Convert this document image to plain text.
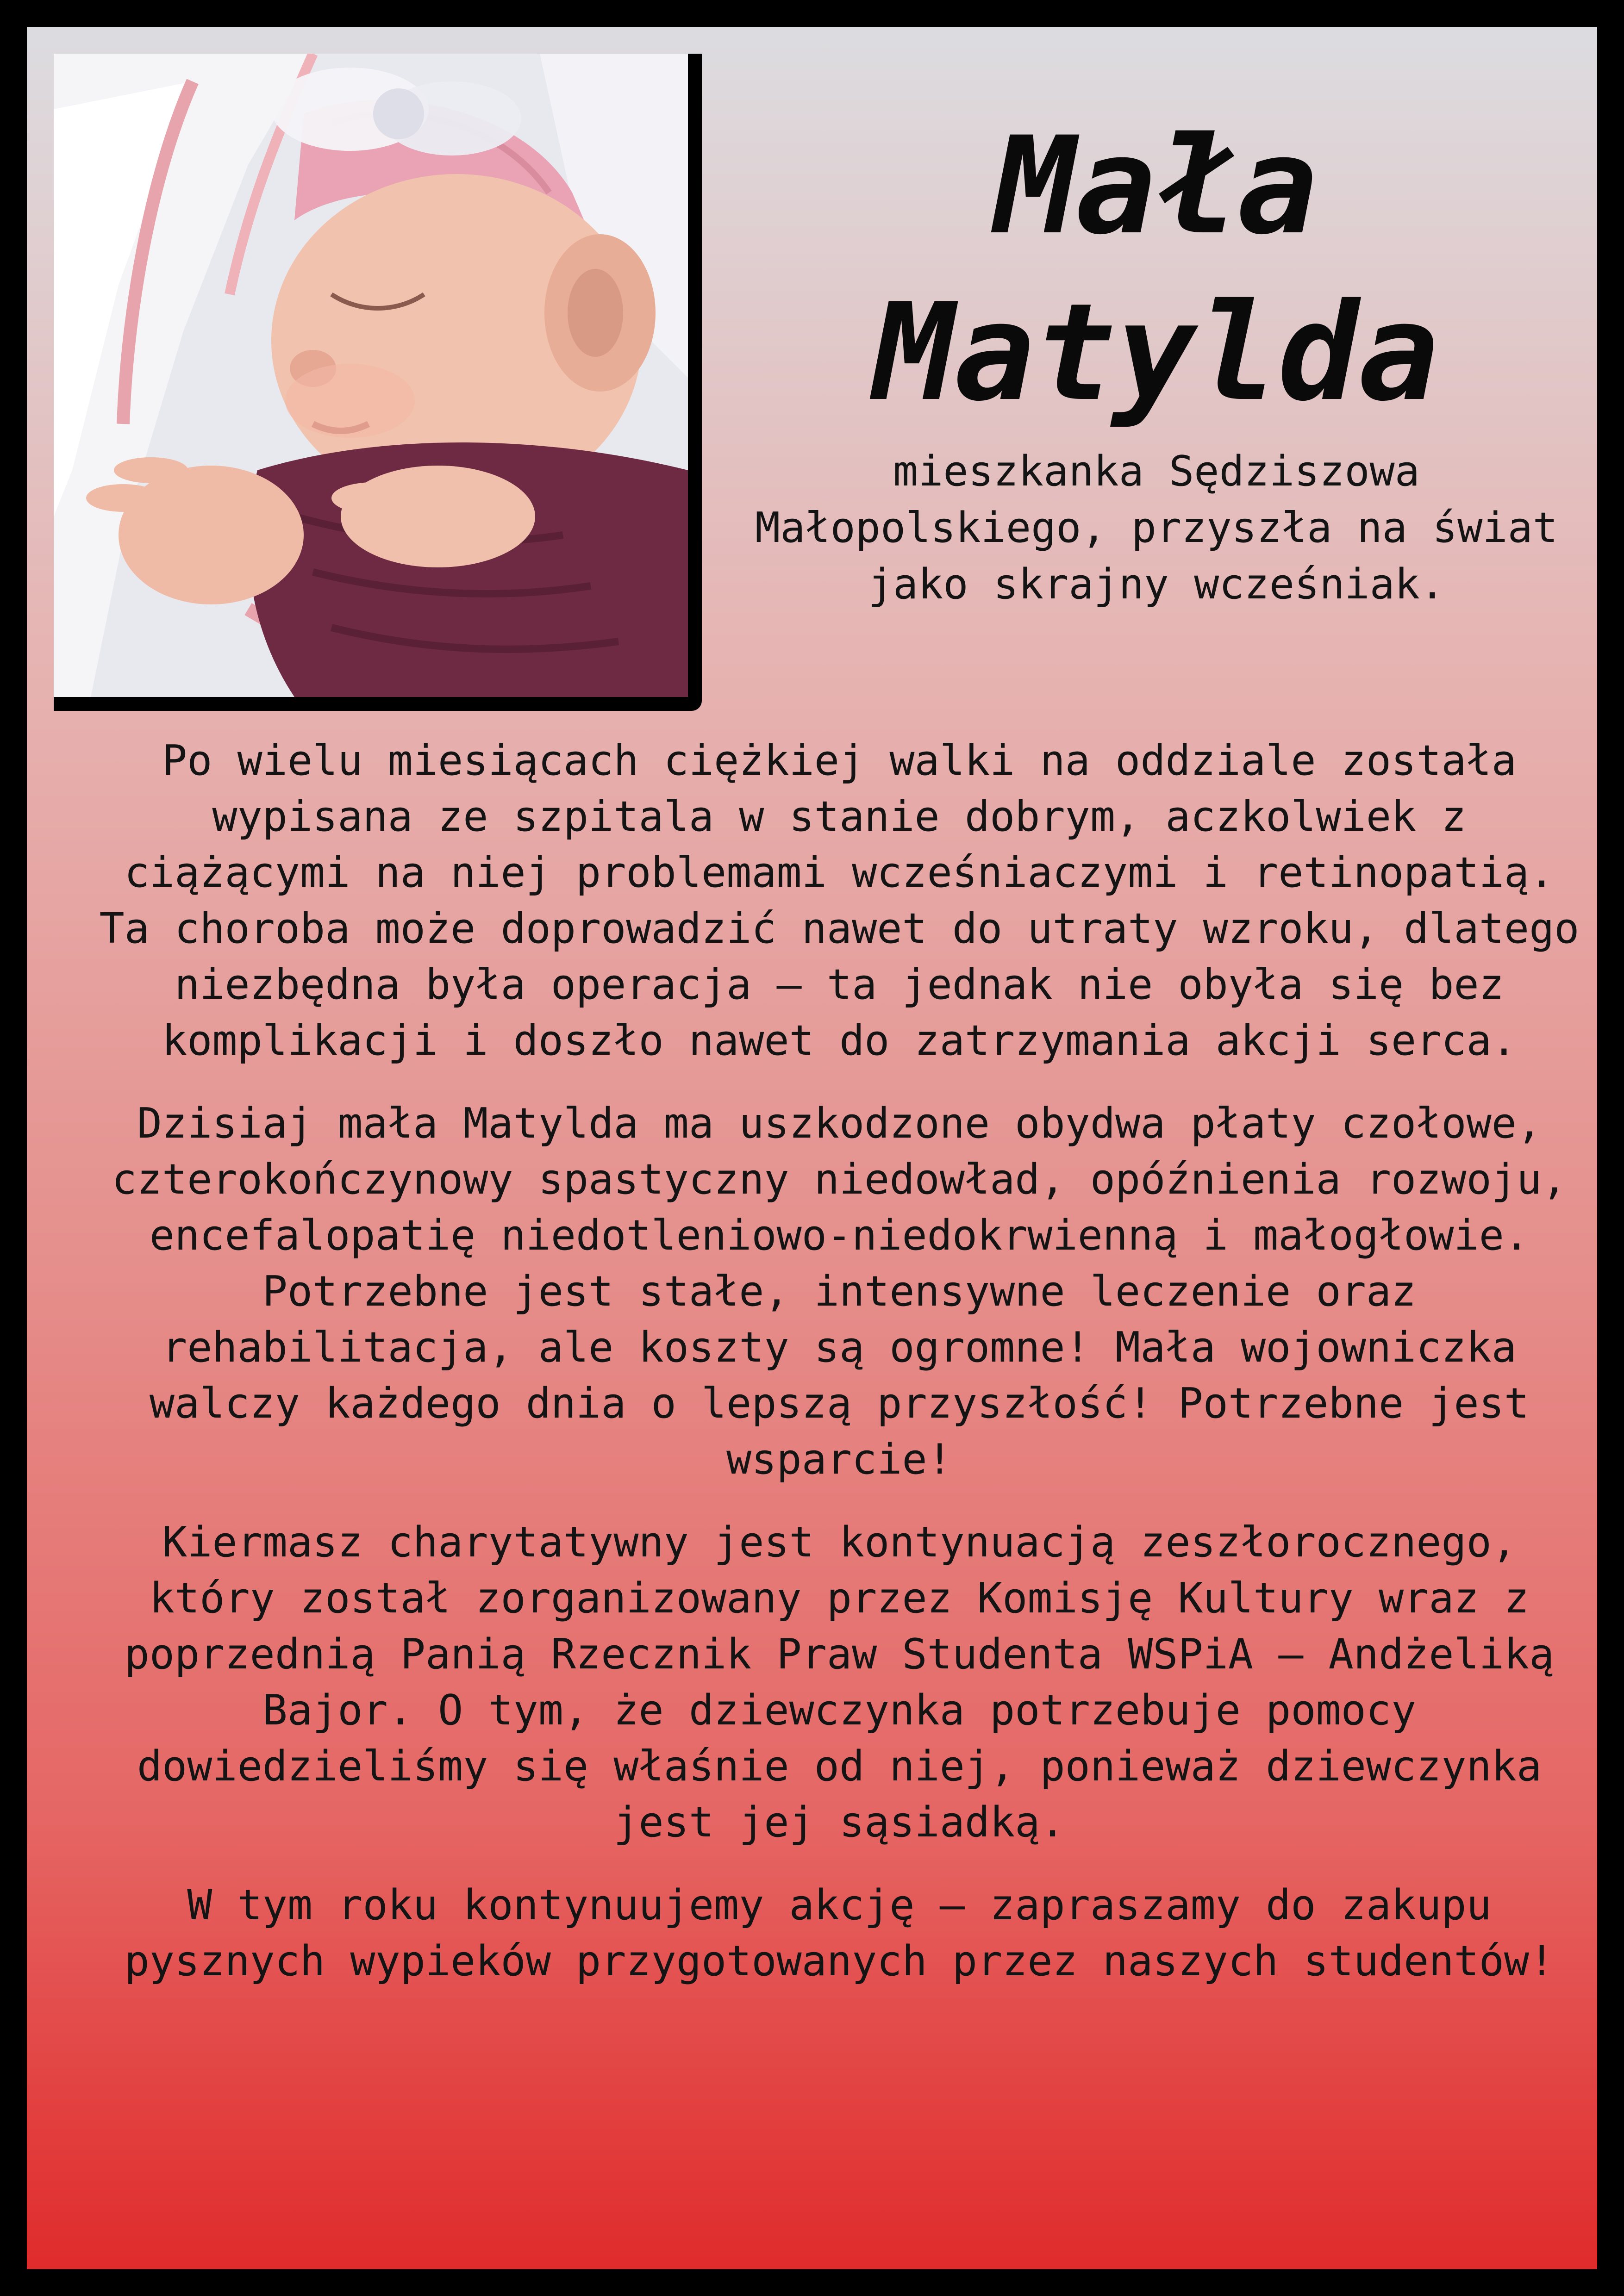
Mała
Matylda

mieszkanka Sędziszowa Małopolskiego, przyszła na świat jako skrajny wcześniak.

Po wielu miesiącach ciężkiej walki na oddziale została wypisana ze szpitala w stanie dobrym, aczkolwiek z ciążącymi na niej problemami wcześniaczymi i retinopatią. Ta choroba może doprowadzić nawet do utraty wzroku, dlatego niezbędna była operacja – ta jednak nie obyła się bez komplikacji i doszło nawet do zatrzymania akcji serca.

Dzisiaj mała Matylda ma uszkodzone obydwa płaty czołowe, czterokończynowy spastyczny niedowład, opóźnienia rozwoju, encefalopatię niedotleniowo-niedokrwienną i małogłowie. Potrzebne jest stałe, intensywne leczenie oraz rehabilitacja, ale koszty są ogromne! Mała wojowniczka walczy każdego dnia o lepszą przyszłość! Potrzebne jest wsparcie!

Kiermasz charytatywny jest kontynuacją zeszłorocznego, który został zorganizowany przez Komisję Kultury wraz z poprzednią Panią Rzecznik Praw Studenta WSPiA – Andżeliką Bajor. O tym, że dziewczynka potrzebuje pomocy dowiedzieliśmy się właśnie od niej, ponieważ dziewczynka jest jej sąsiadką.

W tym roku kontynuujemy akcję – zapraszamy do zakupu pysznych wypieków przygotowanych przez naszych studentów!
